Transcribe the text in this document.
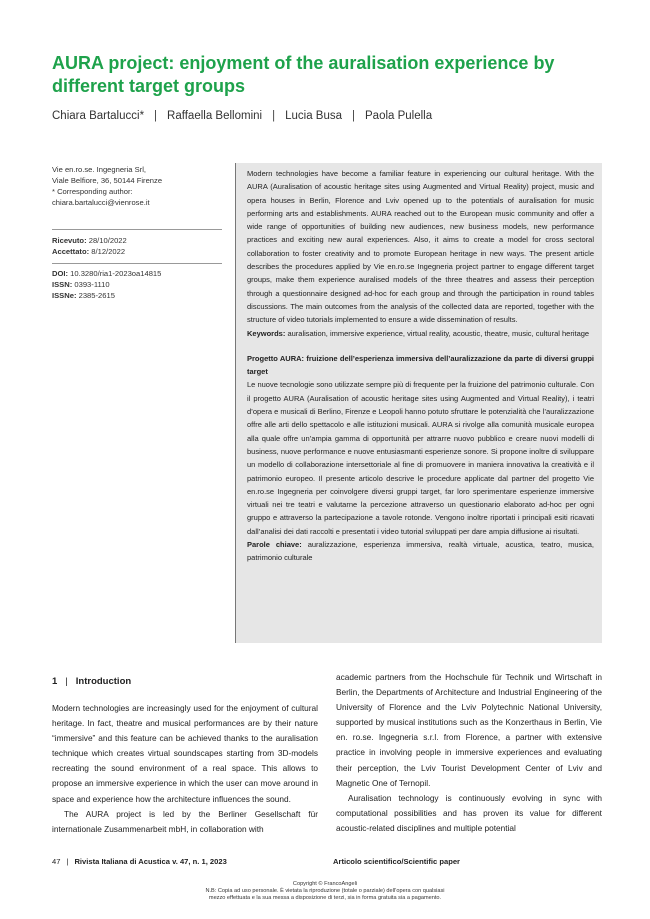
AURA project: enjoyment of the auralisation experience by different target groups
Chiara Bartalucci* | Raffaella Bellomini | Lucia Busa | Paola Pulella
Vie en.ro.se. Ingegneria Srl,
Viale Belfiore, 36, 50144 Firenze
* Corresponding author:
chiara.bartalucci@vienrose.it
Ricevuto: 28/10/2022
Accettato: 8/12/2022
DOI: 10.3280/ria1-2023oa14815
ISSN: 0393-1110
ISSNe: 2385-2615

Modern technologies have become a familiar feature in experiencing our cultural heritage. With the AURA (Auralisation of acoustic heritage sites using Augmented and Virtual Reality) project, music and opera houses in Berlin, Florence and Lviv opened up to the potentials of auralisation for music performing arts and establishments. AURA reached out to the European music community and offer a wide range of opportunities of building new audiences, new business models, new performance practices and exciting new aural experiences. Also, it aims to create a model for cross sectoral collaboration to foster creativity and to promote European heritage in new ways. The present article describes the procedures applied by Vie en.ro.se Ingegneria project partner to engage different target groups, make them experience auralised models of the three theatres and assess their perception through a questionnaire designed ad-hoc for each group and through the participation in round tables discussions. The main outcomes from the analysis of the collected data are reported, together with the structure of video tutorials implemented to ensure a wide dissemination of results.

Keywords: auralisation, immersive experience, virtual reality, acoustic, theatre, music, cultural heritage

Progetto AURA: fruizione dell’esperienza immersiva dell’auralizzazione da parte di diversi gruppi target

Le nuove tecnologie sono utilizzate sempre più di frequente per la fruizione del patrimonio culturale. Con il progetto AURA (Auralisation of acoustic heritage sites using Augmented and Virtual Reality), i teatri d’opera e musicali di Berlino, Firenze e Leopoli hanno potuto sfruttare le potenzialità che l’auralizzazione offre alle arti dello spettacolo e alle istituzioni musicali. AURA si rivolge alla comunità musicale europea alla quale offre un’ampia gamma di opportunità per attrarre nuovo pubblico e creare nuovi modelli di business, nuove performance e nuove entusiasmanti esperienze sonore. Si propone inoltre di sviluppare un modello di collaborazione intersettoriale al fine di promuovere in maniera innovativa la creatività e il patrimonio europeo. Il presente articolo descrive le procedure applicate dal partner del progetto Vie en.ro.se Ingegneria per coinvolgere diversi gruppi target, far loro sperimentare esperienze immersive virtuali nei tre teatri e valutarne la percezione attraverso un questionario elaborato ad-hoc per ogni gruppo e attraverso la partecipazione a tavole rotonde. Vengono inoltre riportati i principali esiti ricavati dall’analisi dei dati raccolti e presentati i video tutorial sviluppati per dare ampia diffusione ai risultati.

Parole chiave: auralizzazione, esperienza immersiva, realtà virtuale, acustica, teatro, musica, patrimonio culturale

1 | Introduction

Modern technologies are increasingly used for the enjoyment of cultural heritage. In fact, theatre and musical performances are by their nature “immersive” and this feature can be achieved thanks to the auralisation technique which creates virtual soundscapes starting from 3D-models recreating the sound environment of a real space. This allows to propose an immersive experience in which the user can move around in space and experience how the architecture influences the sound.

The AURA project is led by the Berliner Gesellschaft für internationale Zusammenarbeit mbH, in collaboration with

academic partners from the Hochschule für Technik und Wirtschaft in Berlin, the Departments of Architecture and Industrial Engineering of the University of Florence and the Lviv Polytechnic National University, supported by musical institutions such as the Konzerthaus in Berlin, Vie en. ro.se. Ingegneria s.r.l. from Florence, a partner with extensive practice in involving people in immersive experiences and evaluating their perception, the Lviv Tourist Development Center of Lviv and Magnetic One of Ternopil.

Auralisation technology is continuously evolving in sync with computational possibilities and has proven its value for different acoustic-related disciplines and multiple potential

47 | Rivista Italiana di Acustica v. 47, n. 1, 2023	Articolo scientifico/Scientific paper
Copyright © FrancoAngeli
N.B: Copia ad uso personale. È vietata la riproduzione (totale o parziale) dell’opera con qualsiasi
mezzo effettuata e la sua messa a disposizione di terzi, sia in forma gratuita sia a pagamento.
